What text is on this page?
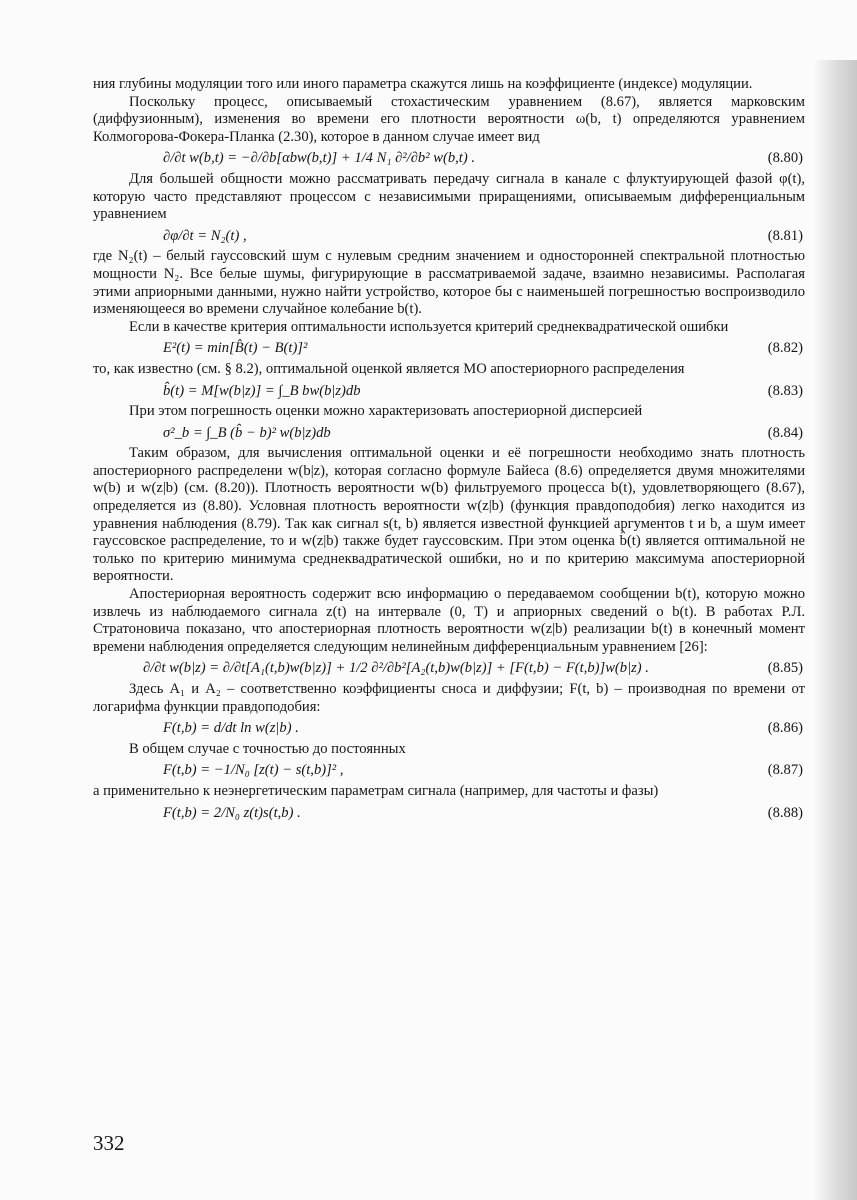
ния глубины модуляции того или иного параметра скажутся лишь на коэффициенте (индексе) модуляции.

Поскольку процесс, описываемый стохастическим уравнением (8.67), является марковским (диффузионным), изменения во времени его плотности вероятности ω(b, t) определяются уравнением Колмогорова-Фокера-Планка (2.30), которое в данном случае имеет вид

∂/∂t w(b,t) = −∂/∂b[αbw(b,t)] + 1/4 N₁ ∂²/∂b² w(b,t) .	(8.80)

Для большей общности можно рассматривать передачу сигнала в канале с флуктуирующей фазой φ(t), которую часто представляют процессом с независимыми приращениями, описываемым дифференциальным уравнением

∂φ/∂t = N₂(t) ,	(8.81)

где N₂(t) – белый гауссовский шум с нулевым средним значением и односторонней спектральной плотностью мощности N₂. Все белые шумы, фигурирующие в рассматриваемой задаче, взаимно независимы. Располагая этими априорными данными, нужно найти устройство, которое бы с наименьшей погрешностью воспроизводило изменяющееся во времени случайное колебание b(t).

Если в качестве критерия оптимальности используется критерий среднеквадратической ошибки

E²(t) = min[B̂(t) − B(t)]²	(8.82)

то, как известно (см. § 8.2), оптимальной оценкой является МО апостериорного распределения

b̂(t) = M[w(b|z)] = ∫_B bw(b|z)db	(8.83)

При этом погрешность оценки можно характеризовать апостериорной дисперсией

σ²_b = ∫_B (b̂ − b)² w(b|z)db	(8.84)

Таким образом, для вычисления оптимальной оценки и её погрешности необходимо знать плотность апостериорного распределени w(b|z), которая согласно формуле Байеса (8.6) определяется двумя множителями w(b) и w(z|b) (см. (8.20)). Плотность вероятности w(b) фильтруемого процесса b(t), удовлетворяющего (8.67), определяется из (8.80). Условная плотность вероятности w(z|b) (функция правдоподобия) легко находится из уравнения наблюдения (8.79). Так как сигнал s(t, b) является известной функцией аргументов t и b, а шум имеет гауссовское распределение, то и w(z|b) также будет гауссовским. При этом оценка b̂(t) является оптимальной не только по критерию минимума среднеквадратической ошибки, но и по критерию максимума апостериорной вероятности.

Апостериорная вероятность содержит всю информацию о передаваемом сообщении b(t), которую можно извлечь из наблюдаемого сигнала z(t) на интервале (0, T) и априорных сведений о b(t). В работах Р.Л. Стратоновича показано, что апостериорная плотность вероятности w(z|b) реализации b(t) в конечный момент времени наблюдения определяется следующим нелинейным дифференциальным уравнением [26]:

∂/∂t w(b|z) = ∂/∂t[A₁(t,b)w(b|z)] + 1/2 ∂²/∂b²[A₂(t,b)w(b|z)] + [F(t,b) − F(t,b)]w(b|z) .	(8.85)

Здесь A₁ и A₂ – соответственно коэффициенты сноса и диффузии; F(t, b) – производная по времени от логарифма функции правдоподобия:

F(t,b) = d/dt ln w(z|b) .	(8.86)

В общем случае с точностью до постоянных

F(t,b) = −1/N₀ [z(t) − s(t,b)]² ,	(8.87)

а применительно к неэнергетическим параметрам сигнала (например, для частоты и фазы)

F(t,b) = 2/N₀ z(t)s(t,b) .	(8.88)
332
